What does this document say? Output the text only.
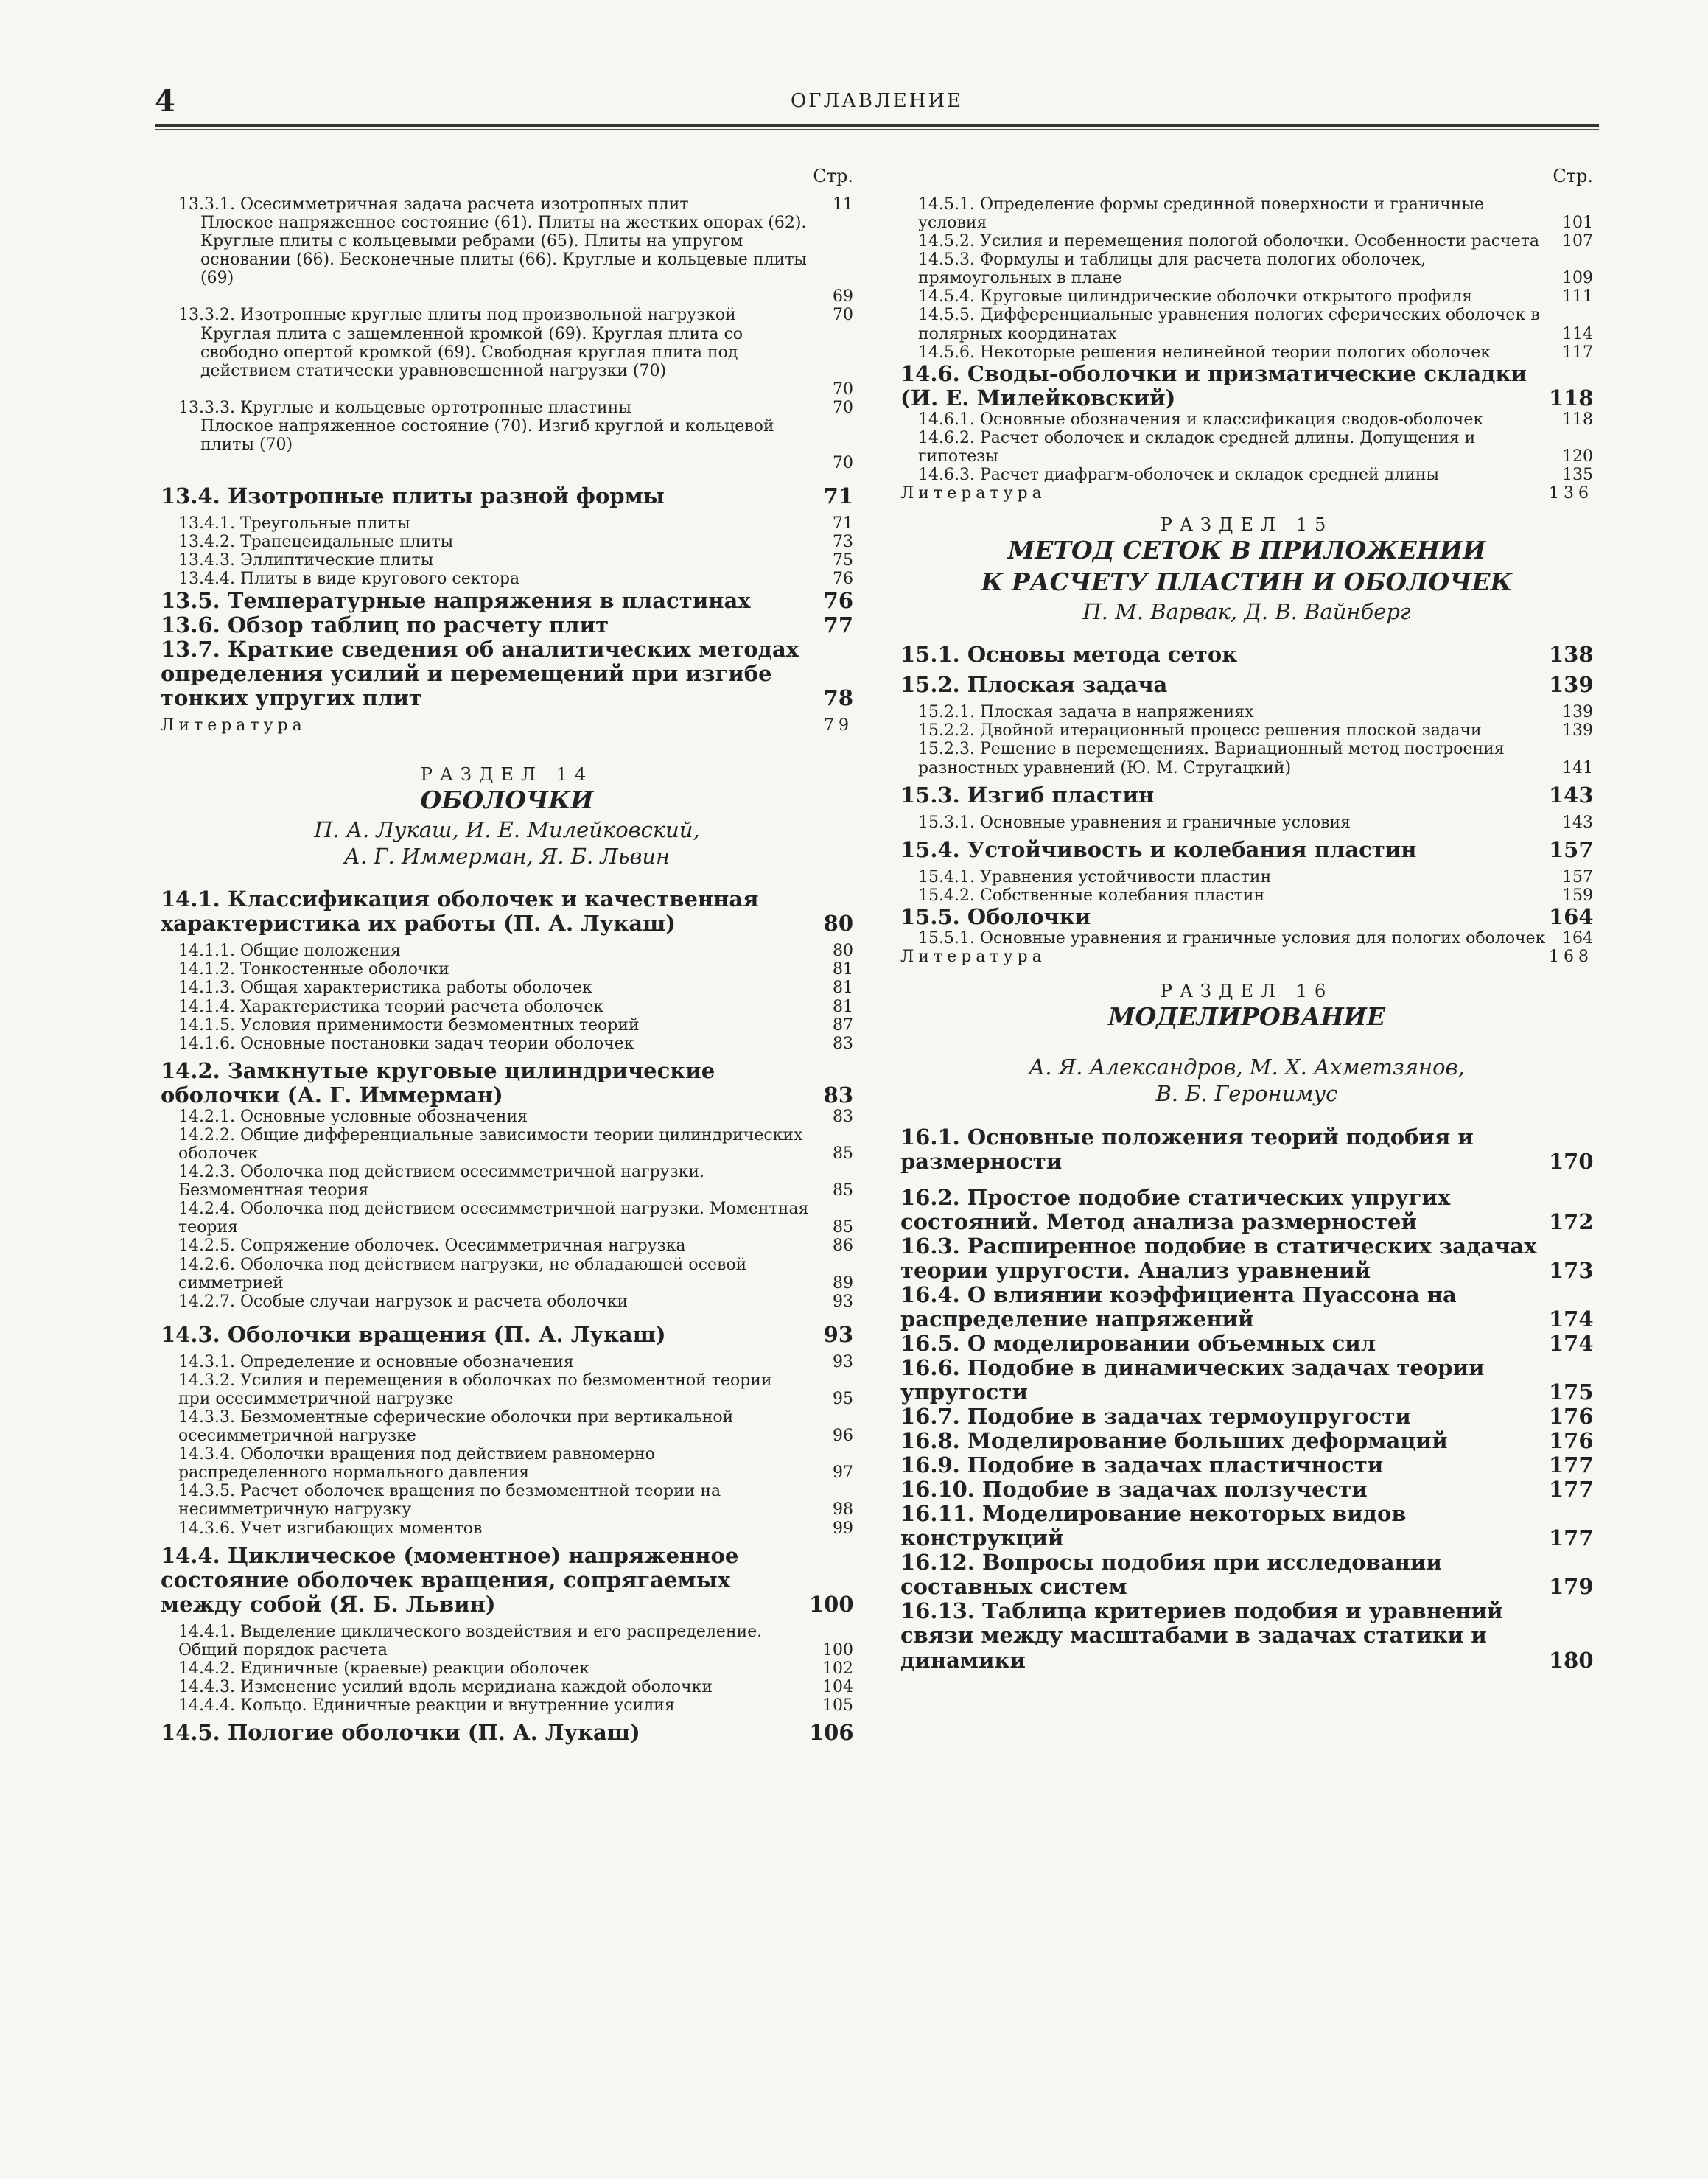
4	ОГЛАВЛЕНИЕ
Стр.
13.3.1. Осесимметричная задача расчета изотропных плит	11
Плоское напряженное состояние (61). Плиты на жестких опорах (62). Круглые плиты с кольцевыми ребрами (65). Плиты на упругом основании (66). Бесконечные плиты (66). Круглые и кольцевые плиты (69)
69
13.3.2. Изотропные круглые плиты под произвольной нагрузкой	70
Круглая плита с защемленной кромкой (69). Круглая плита со свободно опертой кромкой (69). Свободная круглая плита под действием статически уравновешенной нагрузки (70)
70
13.3.3. Круглые и кольцевые ортотропные пластины	70
Плоское напряженное состояние (70). Изгиб круглой и кольцевой плиты (70)
70
13.4. Изотропные плиты разной формы	71
13.4.1. Треугольные плиты	71
13.4.2. Трапецеидальные плиты	73
13.4.3. Эллиптические плиты	75
13.4.4. Плиты в виде кругового сектора	76
13.5. Температурные напряжения в пластинах	76
13.6. Обзор таблиц по расчету плит	77
13.7. Краткие сведения об аналитических методах определения усилий и перемещений при изгибе тонких упругих плит	78
Литература	79
РАЗДЕЛ 14
ОБОЛОЧКИ
П. А. Лукаш, И. Е. Милейковский,
А. Г. Иммерман, Я. Б. Львин
14.1. Классификация оболочек и качественная характеристика их работы (П. А. Лукаш)	80
14.1.1. Общие положения	80
14.1.2. Тонкостенные оболочки	81
14.1.3. Общая характеристика работы оболочек	81
14.1.4. Характеристика теорий расчета оболочек	81
14.1.5. Условия применимости безмоментных теорий	87
14.1.6. Основные постановки задач теории оболочек	83
14.2. Замкнутые круговые цилиндрические оболочки (А. Г. Иммерман)	83
14.2.1. Основные условные обозначения	83
14.2.2. Общие дифференциальные зависимости теории цилиндрических оболочек	85
14.2.3. Оболочка под действием осесимметричной нагрузки. Безмоментная теория	85
14.2.4. Оболочка под действием осесимметричной нагрузки. Моментная теория	85
14.2.5. Сопряжение оболочек. Осесимметричная нагрузка	86
14.2.6. Оболочка под действием нагрузки, не обладающей осевой симметрией	89
14.2.7. Особые случаи нагрузок и расчета оболочки	93
14.3. Оболочки вращения (П. А. Лукаш)	93
14.3.1. Определение и основные обозначения	93
14.3.2. Усилия и перемещения в оболочках по безмоментной теории при осесимметричной нагрузке	95
14.3.3. Безмоментные сферические оболочки при вертикальной осесимметричной нагрузке	96
14.3.4. Оболочки вращения под действием равномерно распределенного нормального давления	97
14.3.5. Расчет оболочек вращения по безмоментной теории на несимметричную нагрузку	98
14.3.6. Учет изгибающих моментов	99
14.4. Циклическое (моментное) напряженное состояние оболочек вращения, сопрягаемых между собой (Я. Б. Львин)	100
14.4.1. Выделение циклического воздействия и его распределение. Общий порядок расчета	100
14.4.2. Единичные (краевые) реакции оболочек	102
14.4.3. Изменение усилий вдоль меридиана каждой оболочки	104
14.4.4. Кольцо. Единичные реакции и внутренние усилия	105
14.5. Пологие оболочки (П. А. Лукаш)	106
Стр.
14.5.1. Определение формы срединной поверхности и граничные условия	101
14.5.2. Усилия и перемещения пологой оболочки. Особенности расчета	107
14.5.3. Формулы и таблицы для расчета пологих оболочек, прямоугольных в плане	109
14.5.4. Круговые цилиндрические оболочки открытого профиля	111
14.5.5. Дифференциальные уравнения пологих сферических оболочек в полярных координатах	114
14.5.6. Некоторые решения нелинейной теории пологих оболочек	117
14.6. Своды-оболочки и призматические складки (И. Е. Милейковский)	118
14.6.1. Основные обозначения и классификация сводов-оболочек	118
14.6.2. Расчет оболочек и складок средней длины. Допущения и гипотезы	120
14.6.3. Расчет диафрагм-оболочек и складок средней длины	135
Литература	136
РАЗДЕЛ 15
МЕТОД СЕТОК В ПРИЛОЖЕНИИ
К РАСЧЕТУ ПЛАСТИН И ОБОЛОЧЕК
П. М. Варвак, Д. В. Вайнберг
15.1. Основы метода сеток	138
15.2. Плоская задача	139
15.2.1. Плоская задача в напряжениях	139
15.2.2. Двойной итерационный процесс решения плоской задачи	139
15.2.3. Решение в перемещениях. Вариационный метод построения разностных уравнений (Ю. М. Стругацкий)	141
15.3. Изгиб пластин	143
15.3.1. Основные уравнения и граничные условия	143
15.4. Устойчивость и колебания пластин	157
15.4.1. Уравнения устойчивости пластин	157
15.4.2. Собственные колебания пластин	159
15.5. Оболочки	164
15.5.1. Основные уравнения и граничные условия для пологих оболочек	164
Литература	168
РАЗДЕЛ 16
МОДЕЛИРОВАНИЕ
А. Я. Александров, М. Х. Ахметзянов,
В. Б. Геронимус
16.1. Основные положения теорий подобия и размерности	170
16.2. Простое подобие статических упругих состояний. Метод анализа размерностей	172
16.3. Расширенное подобие в статических задачах теории упругости. Анализ уравнений	173
16.4. О влиянии коэффициента Пуассона на распределение напряжений	174
16.5. О моделировании объемных сил	174
16.6. Подобие в динамических задачах теории упругости	175
16.7. Подобие в задачах термоупругости	176
16.8. Моделирование больших деформаций	176
16.9. Подобие в задачах пластичности	177
16.10. Подобие в задачах ползучести	177
16.11. Моделирование некоторых видов конструкций	177
16.12. Вопросы подобия при исследовании составных систем	179
16.13. Таблица критериев подобия и уравнений связи между масштабами в задачах статики и динамики	180
